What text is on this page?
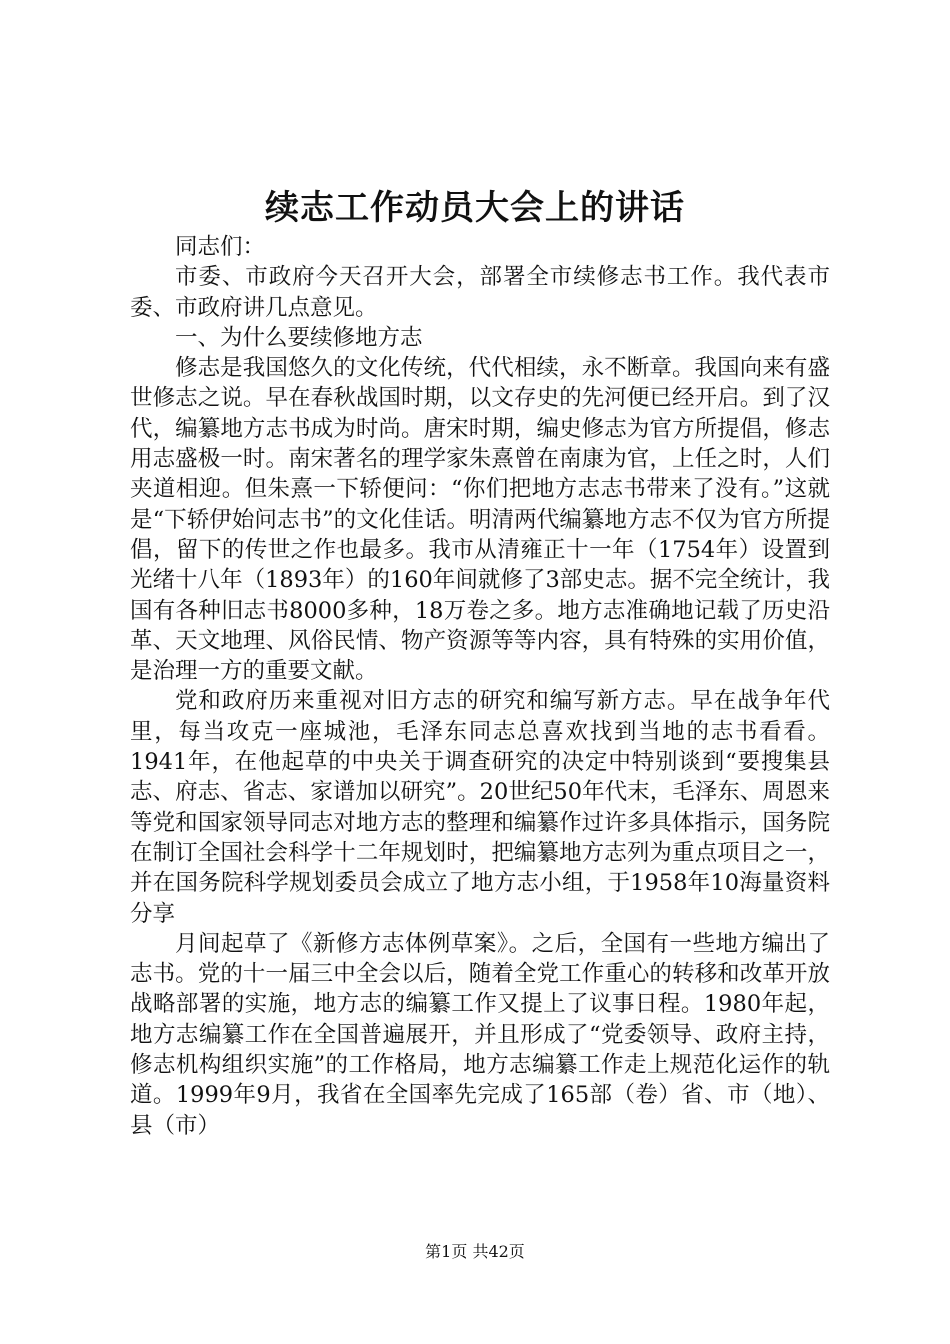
续志工作动员大会上的讲话

同志们：

市委、市政府今天召开大会，部署全市续修志书工作。我代表市委、市政府讲几点意见。

一、为什么要续修地方志

修志是我国悠久的文化传统，代代相续，永不断章。我国向来有盛世修志之说。早在春秋战国时期，以文存史的先河便已经开启。到了汉代，编纂地方志书成为时尚。唐宋时期，编史修志为官方所提倡，修志用志盛极一时。南宋著名的理学家朱熹曾在南康为官，上任之时，人们夹道相迎。但朱熹一下轿便问：“你们把地方志志书带来了没有。”这就是“下轿伊始问志书”的文化佳话。明清两代编纂地方志不仅为官方所提倡，留下的传世之作也最多。我市从清雍正十一年（1754年）设置到光绪十八年（1893年）的160年间就修了3部史志。据不完全统计，我国有各种旧志书8000多种，18万卷之多。地方志准确地记载了历史沿革、天文地理、风俗民情、物产资源等等内容，具有特殊的实用价值，是治理一方的重要文献。

党和政府历来重视对旧方志的研究和编写新方志。早在战争年代里，每当攻克一座城池，毛泽东同志总喜欢找到当地的志书看看。1941年，在他起草的中央关于调查研究的决定中特别谈到“要搜集县志、府志、省志、家谱加以研究”。20世纪50年代末，毛泽东、周恩来等党和国家领导同志对地方志的整理和编纂作过许多具体指示，国务院在制订全国社会科学十二年规划时，把编纂地方志列为重点项目之一，并在国务院科学规划委员会成立了地方志小组，于1958年10海量资料分享

月间起草了《新修方志体例草案》。之后，全国有一些地方编出了志书。党的十一届三中全会以后，随着全党工作重心的转移和改革开放战略部署的实施，地方志的编纂工作又提上了议事日程。1980年起，地方志编纂工作在全国普遍展开，并且形成了“党委领导、政府主持，修志机构组织实施”的工作格局，地方志编纂工作走上规范化运作的轨道。1999年9月，我省在全国率先完成了165部（卷）省、市（地）、县（市）

第1页 共42页
